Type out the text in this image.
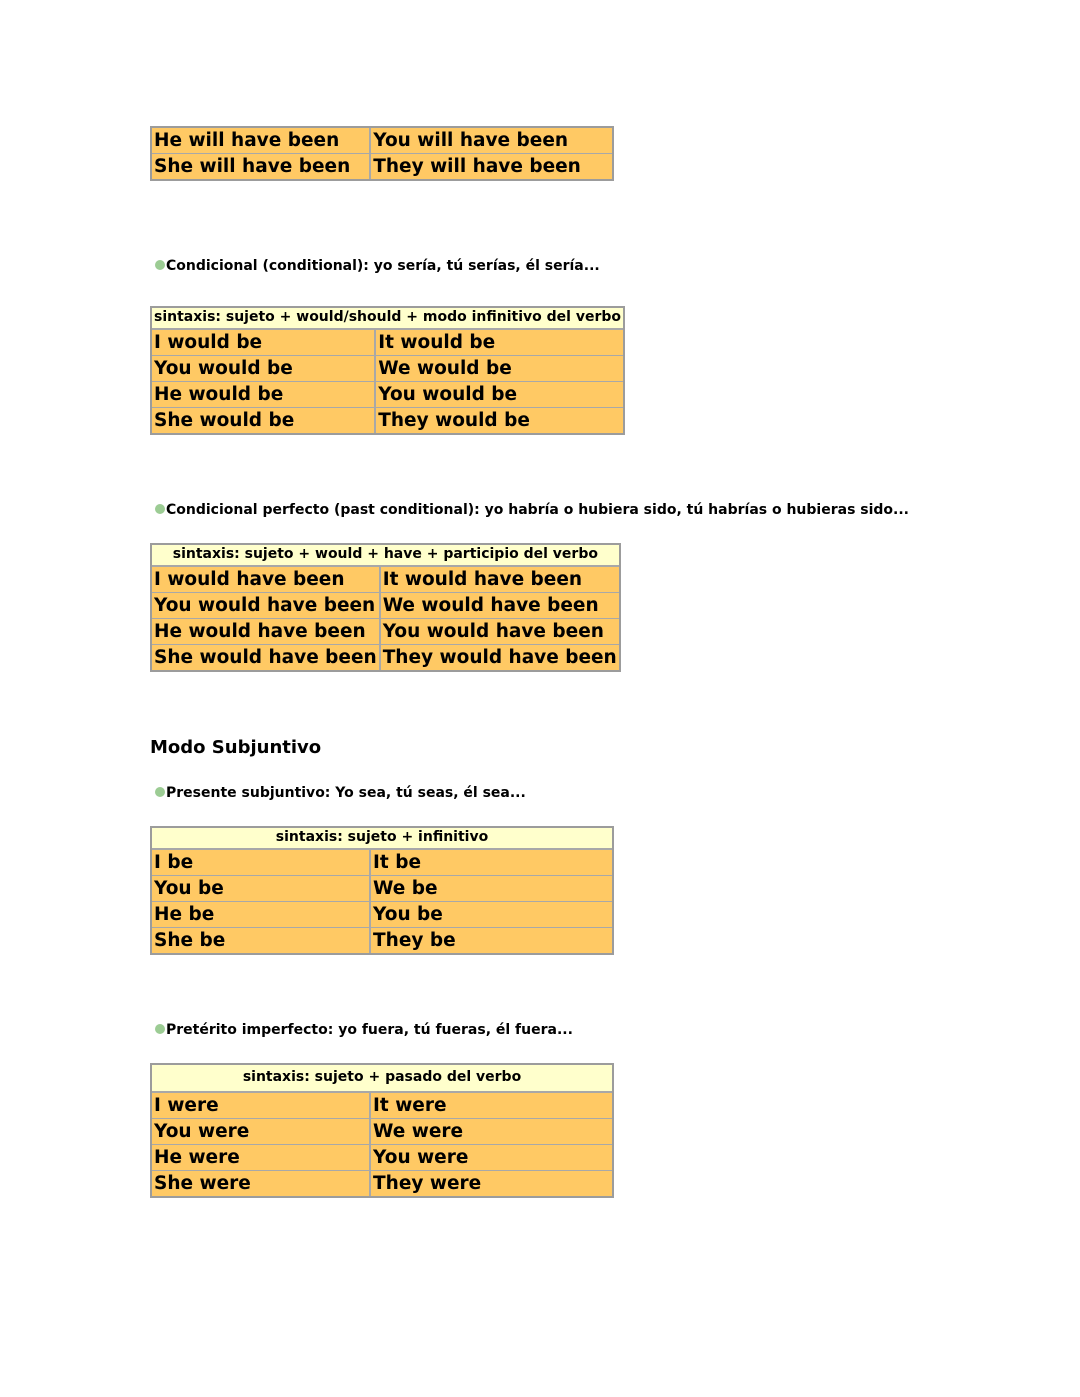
He will have been	You will have been
She will have been	They will have been
Condicional (conditional): yo sería, tú serías, él sería...
sintaxis: sujeto + would/should + modo infinitivo del verbo	
I would be	It would be
You would be	We would be
He would be	You would be
She would be	They would be
Condicional perfecto (past conditional): yo habría o hubiera sido, tú habrías o hubieras sido...
sintaxis: sujeto + would + have + participio del verbo	
I would have been	It would have been
You would have been	We would have been
He would have been	You would have been
She would have been	They would have been
Modo Subjuntivo
Presente subjuntivo: Yo sea, tú seas, él sea...
sintaxis: sujeto + infinitivo	
I be	It be
You be	We be
He be	You be
She be	They be
Pretérito imperfecto: yo fuera, tú fueras, él fuera...
sintaxis: sujeto + pasado del verbo	
I were	It were
You were	We were
He were	You were
She were	They were
